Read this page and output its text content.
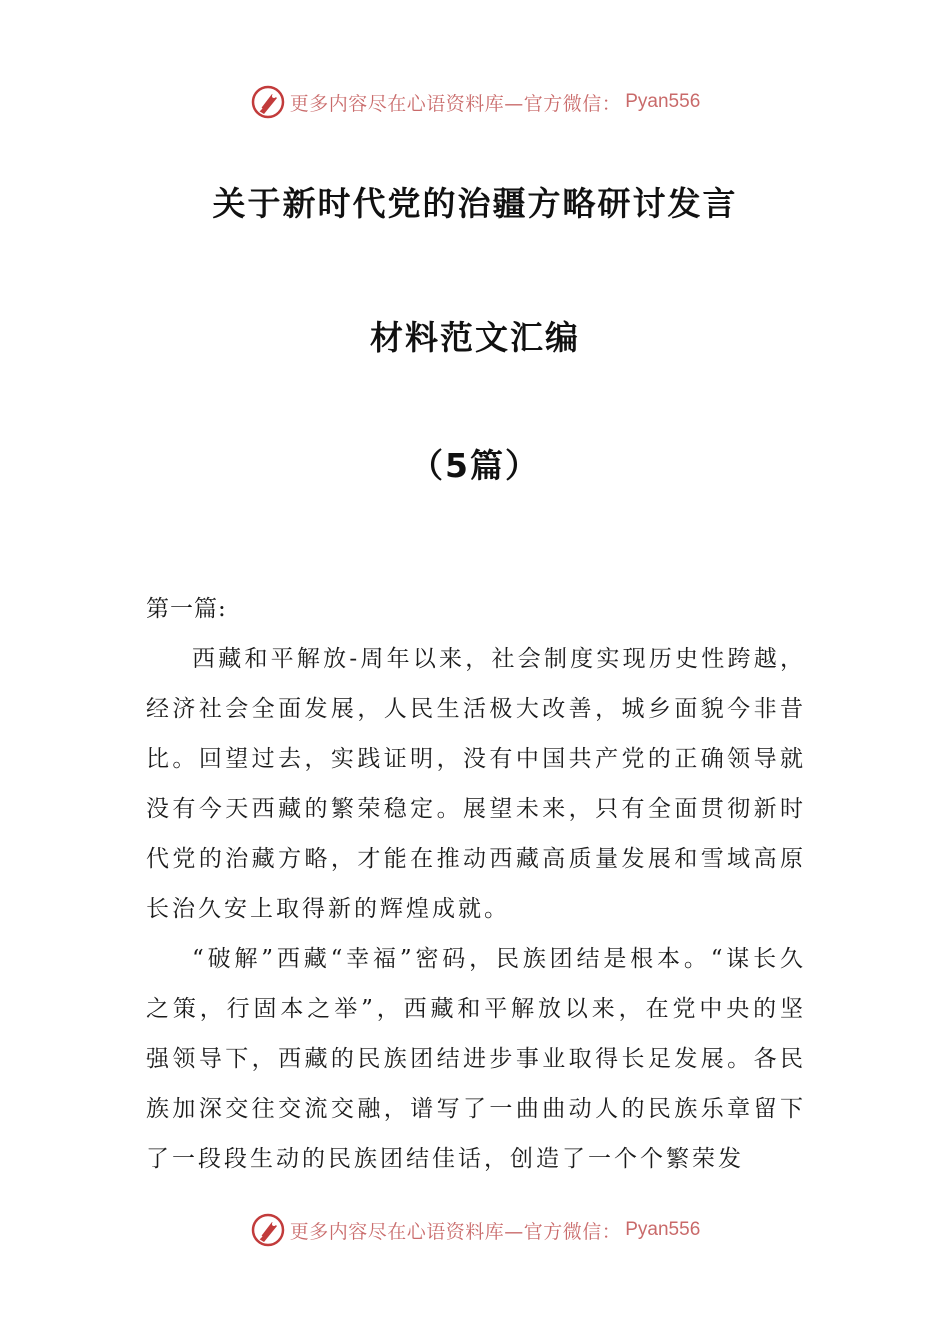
更多内容尽在心语资料库—官方微信： Pyan556
关于新时代党的治疆方略研讨发言
材料范文汇编
（5篇）
第一篇:

西藏和平解放-周年以来，社会制度实现历史性跨越，经济社会全面发展，人民生活极大改善，城乡面貌今非昔比。回望过去，实践证明，没有中国共产党的正确领导就没有今天西藏的繁荣稳定。展望未来，只有全面贯彻新时代党的治藏方略，才能在推动西藏高质量发展和雪域高原长治久安上取得新的辉煌成就。

“破解”西藏“幸福”密码，民族团结是根本。“谋长久之策，行固本之举”，西藏和平解放以来，在党中央的坚强领导下，西藏的民族团结进步事业取得长足发展。各民族加深交往交流交融，谱写了一曲曲动人的民族乐章留下了一段段生动的民族团结佳话，创造了一个个繁荣发

更多内容尽在心语资料库—官方微信： Pyan556
